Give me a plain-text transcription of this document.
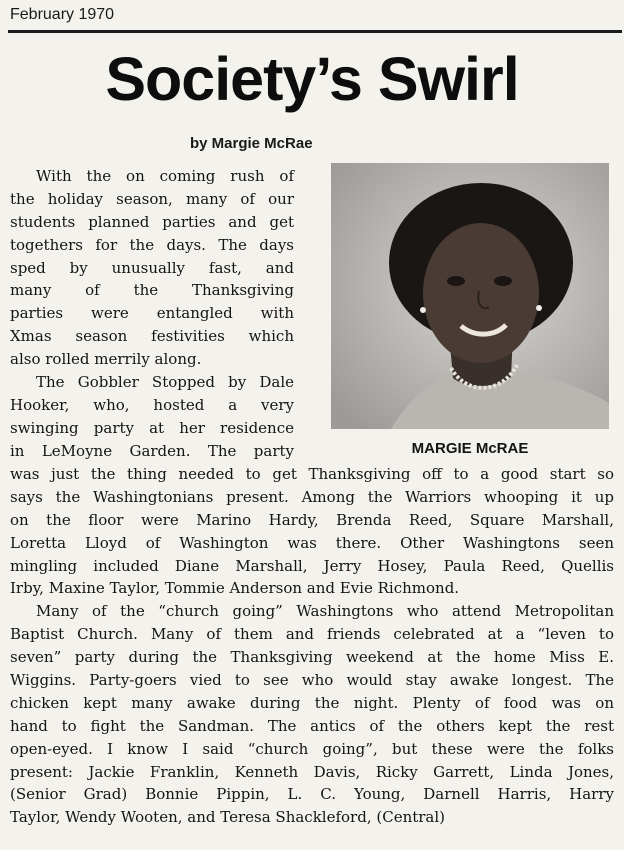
February 1970
Society’s Swirl
by Margie McRae
MARGIE McRAE
With the on coming rush of
the holiday season, many of our
students planned parties and get
togethers for the days. The days
sped by unusually fast, and
many of the Thanksgiving
parties were entangled with
Xmas season festivities which
also rolled merrily along.
The Gobbler Stopped by Dale
Hooker, who, hosted a very
swinging party at her residence
in LeMoyne Garden. The party
was just the thing needed to get Thanksgiving off to a good start so
says the Washingtonians present. Among the Warriors whooping it up
on the floor were Marino Hardy, Brenda Reed, Square Marshall,
Loretta Lloyd of Washington was there. Other Washingtons seen
mingling included Diane Marshall, Jerry Hosey, Paula Reed, Quellis
Irby, Maxine Taylor, Tommie Anderson and Evie Richmond.
Many of the “church going” Washingtons who attend Metropolitan
Baptist Church. Many of them and friends celebrated at a “leven to
seven” party during the Thanksgiving weekend at the home Miss E.
Wiggins. Party-goers vied to see who would stay awake longest. The
chicken kept many awake during the night. Plenty of food was on
hand to fight the Sandman. The antics of the others kept the rest
open-eyed. I know I said “church going”, but these were the folks
present: Jackie Franklin, Kenneth Davis, Ricky Garrett, Linda Jones,
(Senior Grad) Bonnie Pippin, L. C. Young, Darnell Harris, Harry
Taylor, Wendy Wooten, and Teresa Shackleford, (Central)
